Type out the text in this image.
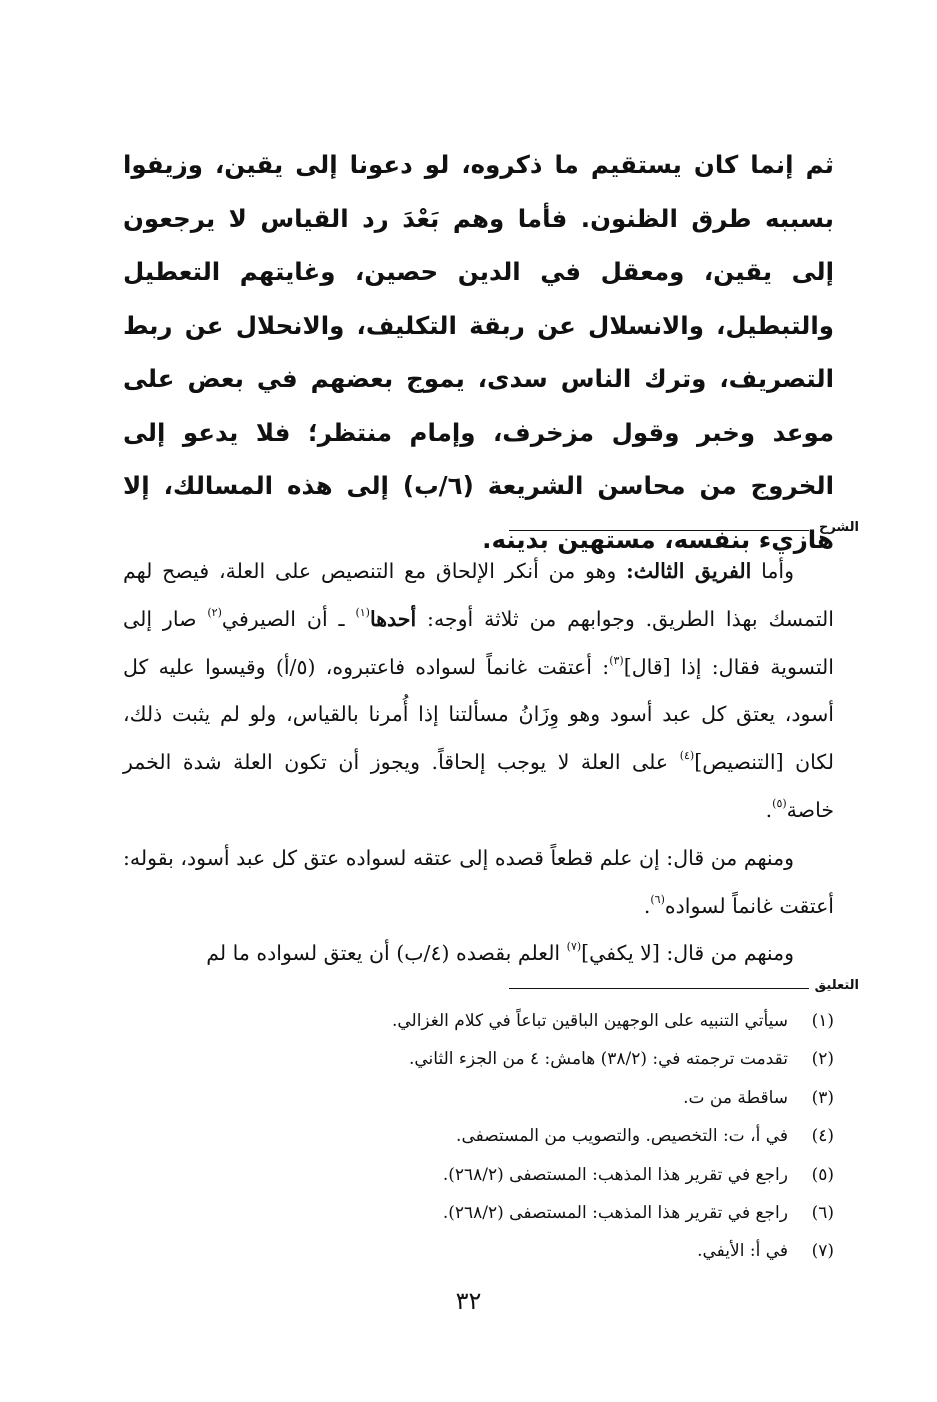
ثم إنما كان يستقيم ما ذكروه، لو دعونا إلى يقين، وزيفوا بسببه طرق الظنون. فأما وهم بَعْدَ رد القياس لا يرجعون إلى يقين، ومعقل في الدين حصين، وغايتهم التعطيل والتبطيل، والانسلال عن ربقة التكليف، والانحلال عن ربط التصريف، وترك الناس سدى، يموج بعضهم في بعض على موعد وخبر وقول مزخرف، وإمام منتظر؛ فلا يدعو إلى الخروج من محاسن الشريعة (٦/ب) إلى هذه المسالك، إلا هازيء بنفسه، مستهين بدينه.

الشرح

وأما الفريق الثالث: وهو من أنكر الإلحاق مع التنصيص على العلة، فيصح لهم التمسك بهذا الطريق. وجوابهم من ثلاثة أوجه: أحدها$^{(١)}$ ـ أن الصيرفي$^{(٢)}$ صار إلى التسوية فقال: إذا [قال]$^{(٣)}$: أعتقت غانماً لسواده فاعتبروه، (٥/أ) وقيسوا عليه كل أسود، يعتق كل عبد أسود وهو وِزَانُ مسألتنا إذا أُمرنا بالقياس، ولو لم يثبت ذلك، لكان [التنصيص]$^{(٤)}$ على العلة لا يوجب إلحاقاً. ويجوز أن تكون العلة شدة الخمر خاصة$^{(٥)}$.

ومنهم من قال: إن علم قطعاً قصده إلى عتقه لسواده عتق كل عبد أسود، بقوله: أعتقت غانماً لسواده$^{(٦)}$.

ومنهم من قال: [لا يكفي]$^{(٧)}$ العلم بقصده (٤/ب) أن يعتق لسواده ما لم

التعليق
(١)
سيأتي التنبيه على الوجهين الباقين تباعاً في كلام الغزالي.
(٢)
تقدمت ترجمته في: (٣٨/٢) هامش: ٤ من الجزء الثاني.
(٣)
ساقطة من ت.
(٤)
في أ، ت: التخصيص. والتصويب من المستصفى.
(٥)
راجع في تقرير هذا المذهب: المستصفى (٢٦٨/٢).
(٦)
راجع في تقرير هذا المذهب: المستصفى (٢٦٨/٢).
(٧)
في أ: الأيفي.
٣٢
